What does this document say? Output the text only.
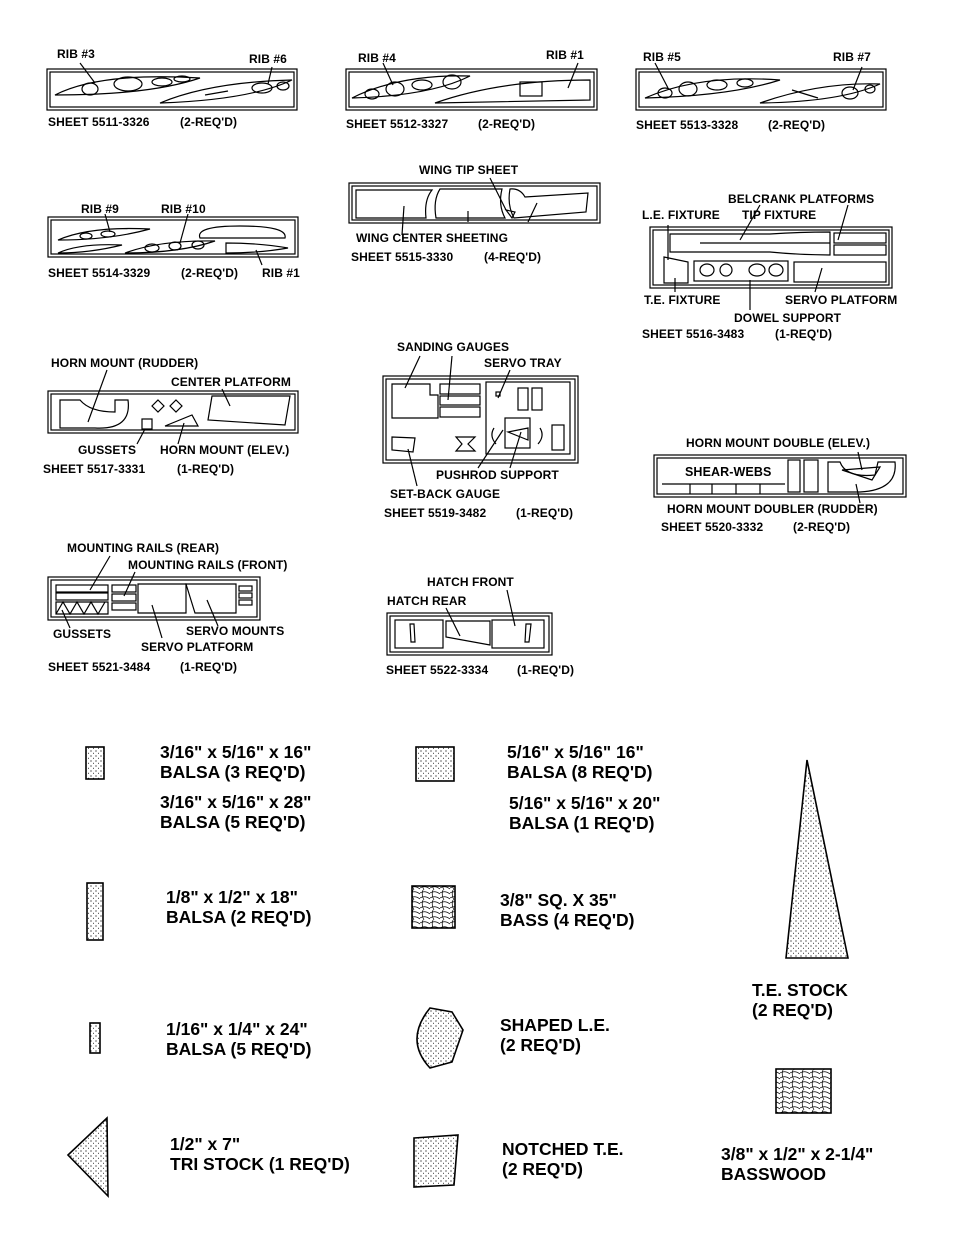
RIB #3	RIB #6
SHEET 5511-3326	(2-REQ'D)
RIB #4	RIB #1
SHEET 5512-3327 (2-REQ'D)
RIB #5	RIB #7
SHEET 5513-3328 (2-REQ'D)
RIB #9	RIB #10
SHEET 5514-3329	(2-REQ'D) RIB #1
WING TIP SHEET
WING CENTER SHEETING
SHEET 5515-3330	(4-REQ'D)
BELCRANK PLATFORMS
L.E. FIXTURE TIP FIXTURE
T.E. FIXTURE	SERVO PLATFORM
DOWEL SUPPORT
SHEET 5516-3483	(1-REQ'D)
HORN MOUNT (RUDDER)
CENTER PLATFORM
GUSSETS HORN MOUNT (ELEV.)
SHEET 5517-3331	(1-REQ'D)
SANDING GAUGES
SERVO TRAY
PUSHROD SUPPORT
SET-BACK GAUGE
SHEET 5519-3482 (1-REQ'D)
HORN MOUNT DOUBLE (ELEV.)
SHEAR-WEBS
HORN MOUNT DOUBLER (RUDDER)
SHEET 5520-3332 (2-REQ'D)
MOUNTING RAILS (REAR)
MOUNTING RAILS (FRONT)
GUSSETS	SERVO MOUNTS
SERVO PLATFORM
SHEET 5521-3484 (1-REQ'D)
HATCH FRONT
HATCH REAR
SHEET 5522-3334 (1-REQ'D)
3/16" x 5/16" x 16"
BALSA (3 REQ'D)
3/16" x 5/16" x 28"
BALSA (5 REQ'D)
5/16" x 5/16" 16"
BALSA (8 REQ'D)
5/16" x 5/16" x 20"
BALSA (1 REQ'D)
1/8" x 1/2" x 18"
BALSA (2 REQ'D)
3/8" SQ. X 35"
BASS (4 REQ'D)
1/16" x 1/4" x 24"
BALSA (5 REQ'D)
SHAPED L.E.
(2 REQ'D)
T.E. STOCK
(2 REQ'D)
1/2" x 7"
TRI STOCK (1 REQ'D)
NOTCHED T.E.
(2 REQ'D)
3/8" x 1/2" x 2-1/4"
BASSWOOD
